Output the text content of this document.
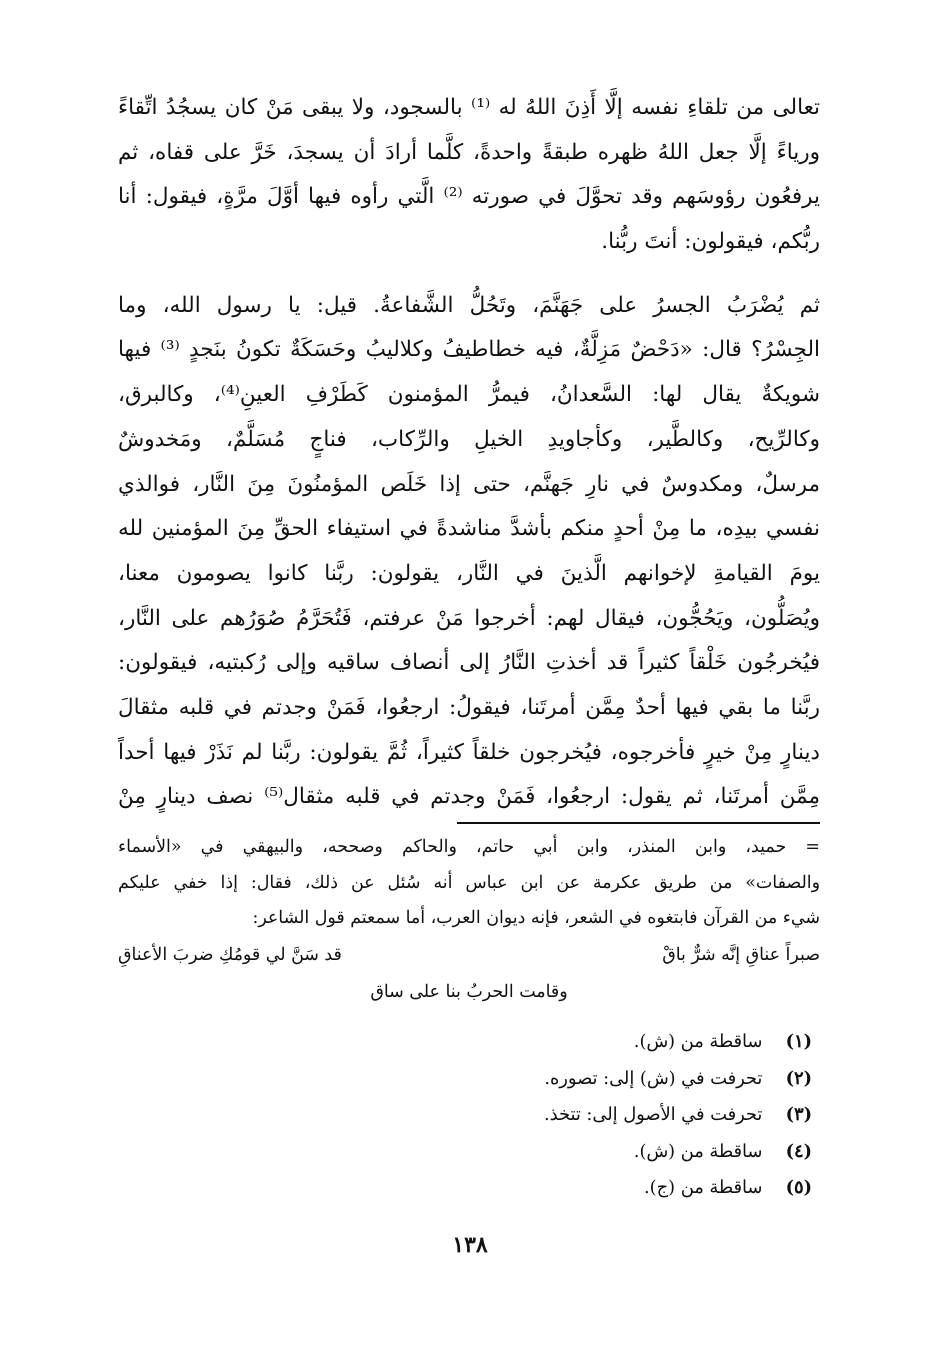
تعالى من تلقاءِ نفسه إلَّا أَذِنَ اللهُ له ⁽¹⁾ بالسجود، ولا يبقى مَنْ كان يسجُدُ اتِّقاءً
ورياءً إلَّا جعل اللهُ ظهره طبقةً واحدةً، كلَّما أرادَ أن يسجدَ، خَرَّ على قفاه، ثم
يرفعُون رؤوسَهم وقد تحوَّلَ في صورته ⁽²⁾ الَّتي رأوه فيها أوَّلَ مرَّةٍ، فيقول: أنا
ربُّكم، فيقولون: أنتَ ربُّنا.
ثم يُضْرَبُ الجسرُ على جَهَنَّمَ، وتَحُلُّ الشَّفاعةُ. قيل: يا رسول الله، وما
الجِسْرُ؟ قال: «دَحْضٌ مَزِلَّةٌ، فيه خطاطيفُ وكلاليبُ وحَسَكَةٌ تكونُ بنَجدٍ ⁽³⁾ فيها
شويكةٌ يقال لها: السَّعدانُ، فيمرُّ المؤمنون كَطَرْفِ العينِ⁽⁴⁾، وكالبرق،
وكالرِّيح، وكالطَّير، وكأجاويدِ الخيلِ والرِّكاب، فناجٍ مُسَلَّمٌ، ومَخدوشٌ
مرسلٌ، ومكدوسٌ في نارِ جَهنَّم، حتى إذا خَلَص المؤمنُونَ مِنَ النَّار، فوالذي
نفسي بيدِه، ما مِنْ أحدٍ منكم بأشدَّ مناشدةً في استيفاء الحقِّ مِنَ المؤمنين لله
يومَ القيامةِ لإخوانهم الَّذينَ في النَّار، يقولون: ربَّنا كانوا يصومون معنا،
ويُصَلُّون، ويَحُجُّون، فيقال لهم: أخرجوا مَنْ عرفتم، فَتُحَرَّمُ صُوَرُهم على النَّار،
فيُخرجُون خَلْقاً كثيراً قد أخذتِ النَّارُ إلى أنصاف ساقيه وإلى رُكبتيه، فيقولون:
ربَّنا ما بقي فيها أحدٌ مِمَّن أمرتَنا، فيقولُ: ارجعُوا، فَمَنْ وجدتم في قلبه مثقالَ
دينارٍ مِنْ خيرٍ فأخرجوه، فيُخرجون خلقاً كثيراً، ثُمَّ يقولون: ربَّنا لم نَذَرْ فيها أحداً
مِمَّن أمرتَنا، ثم يقول: ارجعُوا، فَمَنْ وجدتم في قلبه مثقال⁽⁵⁾ نصف دينارٍ مِنْ
= حميد، وابن المنذر، وابن أبي حاتم، والحاكم وصححه، والبيهقي في «الأسماء
والصفات» من طريق عكرمة عن ابن عباس أنه سُئل عن ذلك، فقال: إذا خفي عليكم
شيء من القرآن فابتغوه في الشعر، فإنه ديوان العرب، أما سمعتم قول الشاعر:
صبراً عناقِ إنَّه شرٌّ باقْ
قد سَنَّ لي قومُكِ ضربَ الأعناقِ
وقامت الحربُ بنا على ساق
(١) ساقطة من (ش).
(٢) تحرفت في (ش) إلى: تصوره.
(٣) تحرفت في الأصول إلى: تتخذ.
(٤) ساقطة من (ش).
(٥) ساقطة من (ج).
١٣٨
